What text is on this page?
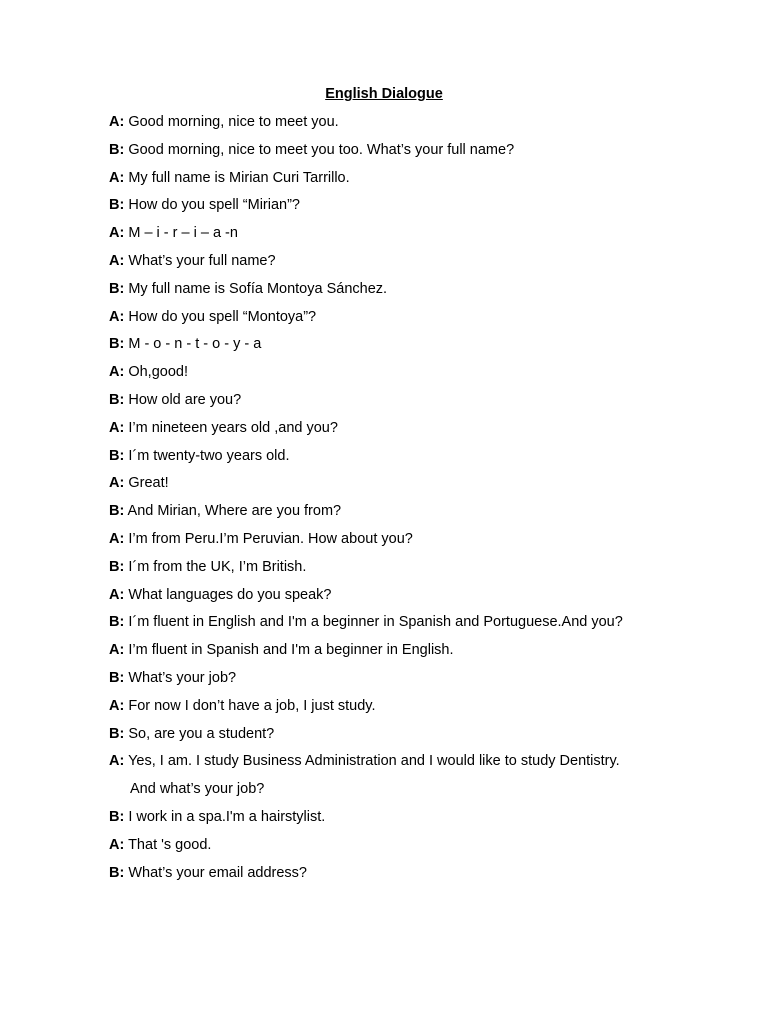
English Dialogue
A: Good morning, nice to meet you.
B: Good morning, nice to meet you too. What’s your full name?
A: My full name is Mirian Curi Tarrillo.
B: How do you spell “Mirian”?
A: M – i - r – i – a -n
A: What’s your full name?
B: My full name is Sofía Montoya Sánchez.
A: How do you spell “Montoya”?
B: M - o - n - t - o - y - a
A: Oh,good!
B: How old are you?
A: I’m nineteen years old ,and you?
B: I´m twenty-two years old.
A: Great!
B: And Mirian, Where are you from?
A: I’m from Peru.I’m Peruvian. How about you?
B: I´m from the UK, I’m British.
A: What languages do you speak?
B: I´m fluent in English and I'm a beginner in Spanish and Portuguese.And you?
A: I’m fluent in Spanish and I'm a beginner in English.
B: What’s your job?
A: For now I don’t have a job, I just study.
B: So, are you a student?
A: Yes, I am. I study Business Administration and I would like to study Dentistry.
And what’s your job?
B: I work in a spa.I'm a hairstylist.
A: That 's good.
B: What’s your email address?
